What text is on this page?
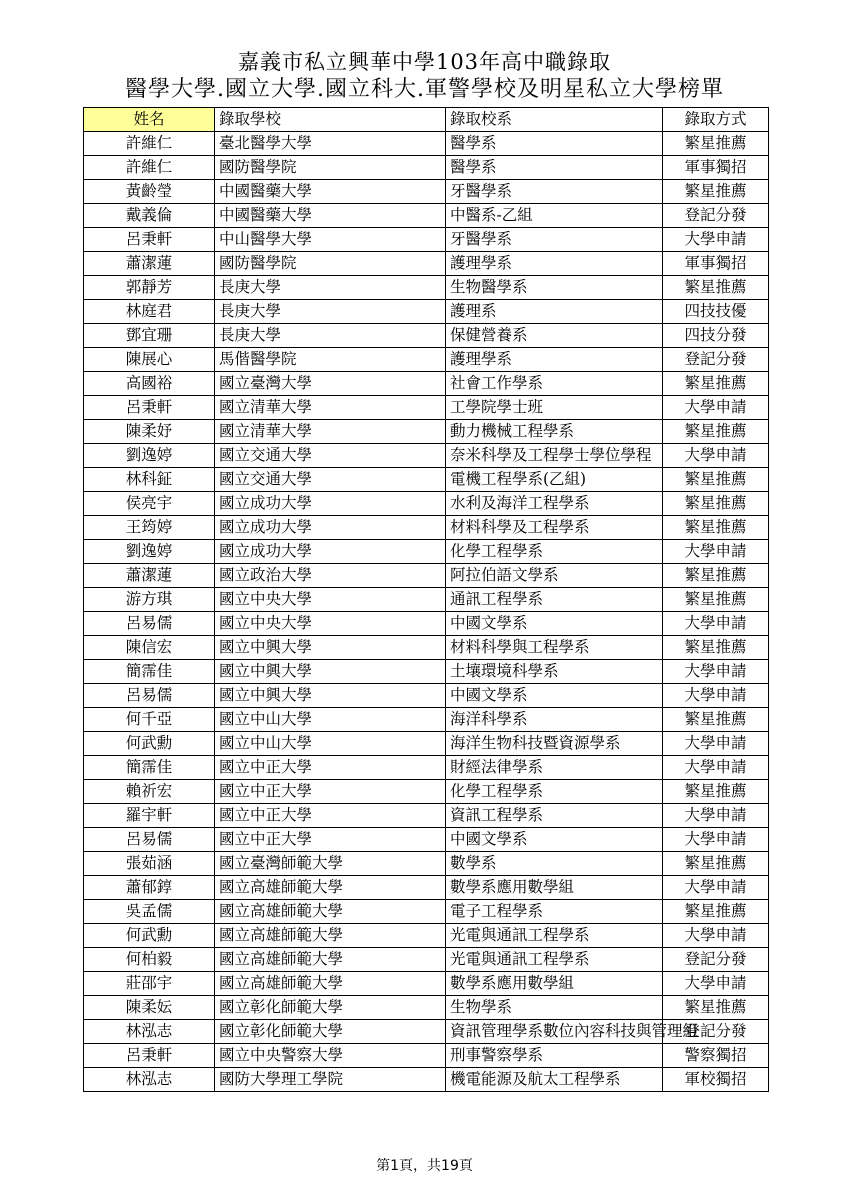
嘉義市私立興華中學103年高中職錄取
醫學大學.國立大學.國立科大.軍警學校及明星私立大學榜單
姓名	錄取學校	錄取校系	錄取方式
許維仁	臺北醫學大學	醫學系	繁星推薦
許維仁	國防醫學院	醫學系	軍事獨招
黃齡瑩	中國醫藥大學	牙醫學系	繁星推薦
戴義倫	中國醫藥大學	中醫系-乙組	登記分發
呂秉軒	中山醫學大學	牙醫學系	大學申請
蕭潔蓮	國防醫學院	護理學系	軍事獨招
郭靜芳	長庚大學	生物醫學系	繁星推薦
林庭君	長庚大學	護理系	四技技優
鄧宜珊	長庚大學	保健營養系	四技分發
陳展心	馬偕醫學院	護理學系	登記分發
高國裕	國立臺灣大學	社會工作學系	繁星推薦
呂秉軒	國立清華大學	工學院學士班	大學申請
陳柔妤	國立清華大學	動力機械工程學系	繁星推薦
劉逸婷	國立交通大學	奈米科學及工程學士學位學程	大學申請
林科鉦	國立交通大學	電機工程學系(乙組)	繁星推薦
侯亮宇	國立成功大學	水利及海洋工程學系	繁星推薦
王筠婷	國立成功大學	材料科學及工程學系	繁星推薦
劉逸婷	國立成功大學	化學工程學系	大學申請
蕭潔蓮	國立政治大學	阿拉伯語文學系	繁星推薦
游方琪	國立中央大學	通訊工程學系	繁星推薦
呂易儒	國立中央大學	中國文學系	大學申請
陳信宏	國立中興大學	材料科學與工程學系	繁星推薦
簡霈佳	國立中興大學	土壤環境科學系	大學申請
呂易儒	國立中興大學	中國文學系	大學申請
何千亞	國立中山大學	海洋科學系	繁星推薦
何武勳	國立中山大學	海洋生物科技暨資源學系	大學申請
簡霈佳	國立中正大學	財經法律學系	大學申請
賴祈宏	國立中正大學	化學工程學系	繁星推薦
羅宇軒	國立中正大學	資訊工程學系	大學申請
呂易儒	國立中正大學	中國文學系	大學申請
張茹涵	國立臺灣師範大學	數學系	繁星推薦
蕭郁錞	國立高雄師範大學	數學系應用數學組	大學申請
吳孟儒	國立高雄師範大學	電子工程學系	繁星推薦
何武勳	國立高雄師範大學	光電與通訊工程學系	大學申請
何柏毅	國立高雄師範大學	光電與通訊工程學系	登記分發
莊邵宇	國立高雄師範大學	數學系應用數學組	大學申請
陳柔妘	國立彰化師範大學	生物學系	繁星推薦
林泓志	國立彰化師範大學	資訊管理學系數位內容科技與管理組	登記分發
呂秉軒	國立中央警察大學	刑事警察學系	警察獨招
林泓志	國防大學理工學院	機電能源及航太工程學系	軍校獨招
第1頁，共19頁
